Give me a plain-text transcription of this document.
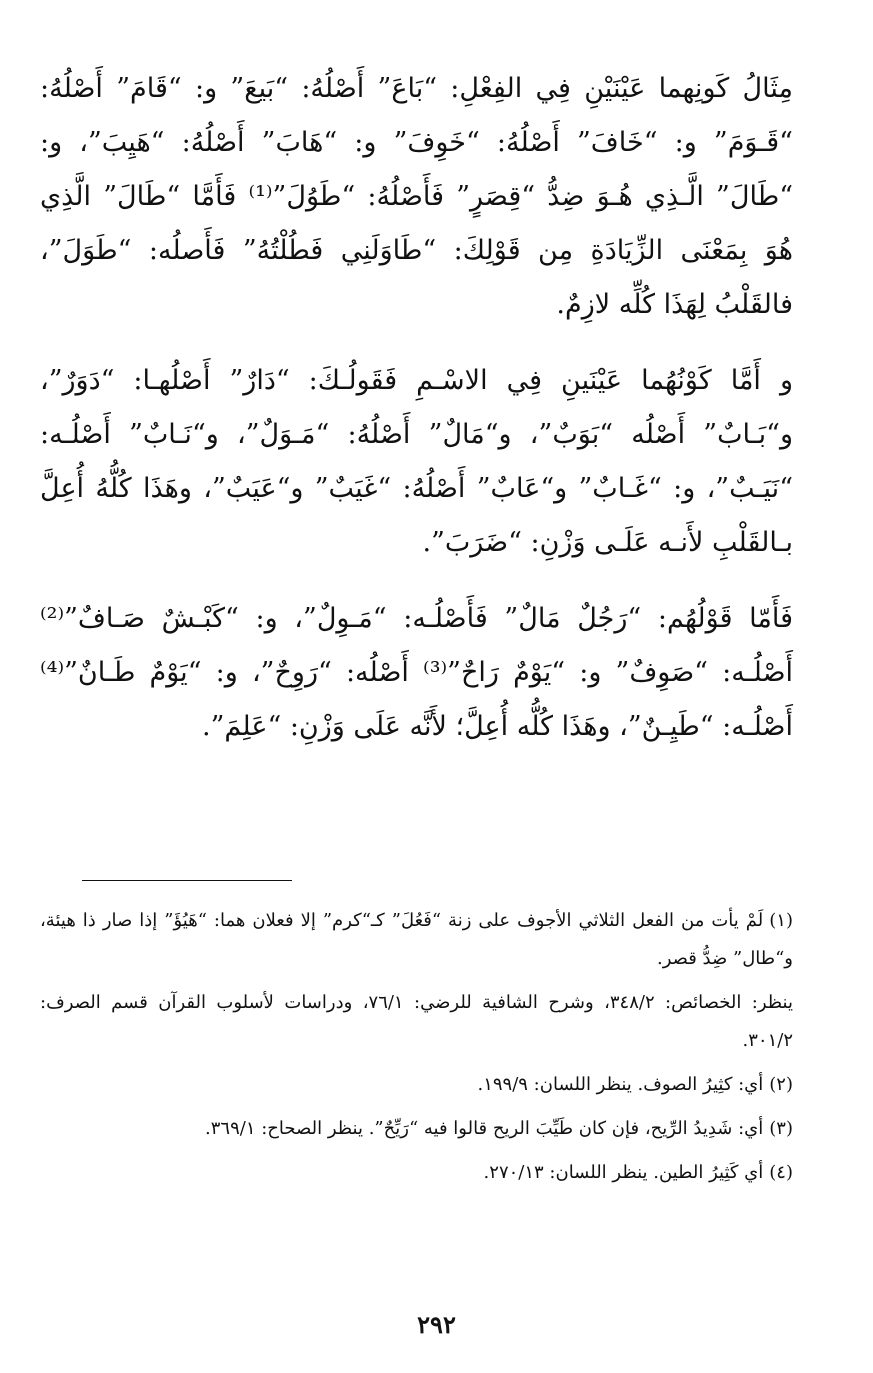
مِثَالُ كَونِهما عَيْنَيْنِ فِي الفِعْلِ: “بَاعَ” أَصْلُهُ: “بَيعَ” و: “قَامَ” أَصْلُهُ: “قَـوَمَ” و: “خَافَ” أَصْلُهُ: “خَوِفَ” و: “هَابَ” أَصْلُهُ: “هَيِبَ”، و: “طَالَ” الَّـذِي هُـوَ ضِدُّ “قِصَرٍ” فَأَصْلُهُ: “طَوُلَ”⁽¹⁾ فَأَمَّا “طَالَ” الَّذِي هُوَ بِمَعْنَى الزِّيَادَةِ مِن قَوْلِكَ: “طَاوَلَنِي فَطُلْتُهُ” فَأَصلُه: “طَوَلَ”، فالقَلْبُ لِهَذَا كُلِّه لازِمٌ.

و أَمَّا كَوْنُهُما عَيْنَينِ فِي الاسْـمِ فَقَولُـكَ: “دَارٌ” أَصْلُهـا: “دَوَرٌ”، و“بَـابٌ” أَصْلُه “بَوَبٌ”، و“مَالٌ” أَصْلُهُ: “مَـوَلٌ”، و“نَـابٌ” أَصْلُـه: “نَيَـبٌ”، و: “غَـابٌ” و“عَابٌ” أَصْلُهُ: “غَيَبٌ” و“عَيَبٌ”، وهَذَا كُلُّهُ أُعِلَّ بـالقَلْبِ لأَنـه عَلَـى وَزْنِ: “ضَرَبَ”.

فَأَمّا قَوْلُهُم: “رَجُلٌ مَالٌ” فَأَصْلُـه: “مَـوِلٌ”، و: “كَبْـشٌ صَـافٌ”⁽²⁾ أَصْلُـه: “صَوِفٌ” و: “يَوْمٌ رَاحٌ”⁽³⁾ أَصْلُه: “رَوِحٌ”، و: “يَوْمٌ طَـانٌ”⁽⁴⁾ أَصْلُـه: “طَيِـنٌ”، وهَذَا كُلُّه أُعِلَّ؛ لأَنَّه عَلَى وَزْنِ: “عَلِمَ”.

(١)لَمْ يأت من الفعل الثلاثي الأجوف على زنة “فَعُلَ” كـ“كرم” إلا فعلان هما: “هَيُؤَ” إذا صار ذا هيئة، و“طال” ضِدُّ قصر.

ينظر: الخصائص: ٣٤٨/٢، وشرح الشافية للرضي: ٧٦/١، ودراسات لأسلوب القرآن قسم الصرف: ٣٠١/٢.

(٢)أي: كثِيرُ الصوف. ينظر اللسان: ١٩٩/٩.

(٣)أي: شَدِيدُ الرِّيح، فإن كان طَيِّبَ الريح قالوا فيه “رَيِّحٌ”. ينظر الصحاح: ٣٦٩/١.

(٤)أي كَثِيرُ الطين. ينظر اللسان: ٢٧٠/١٣.

٢٩٢
